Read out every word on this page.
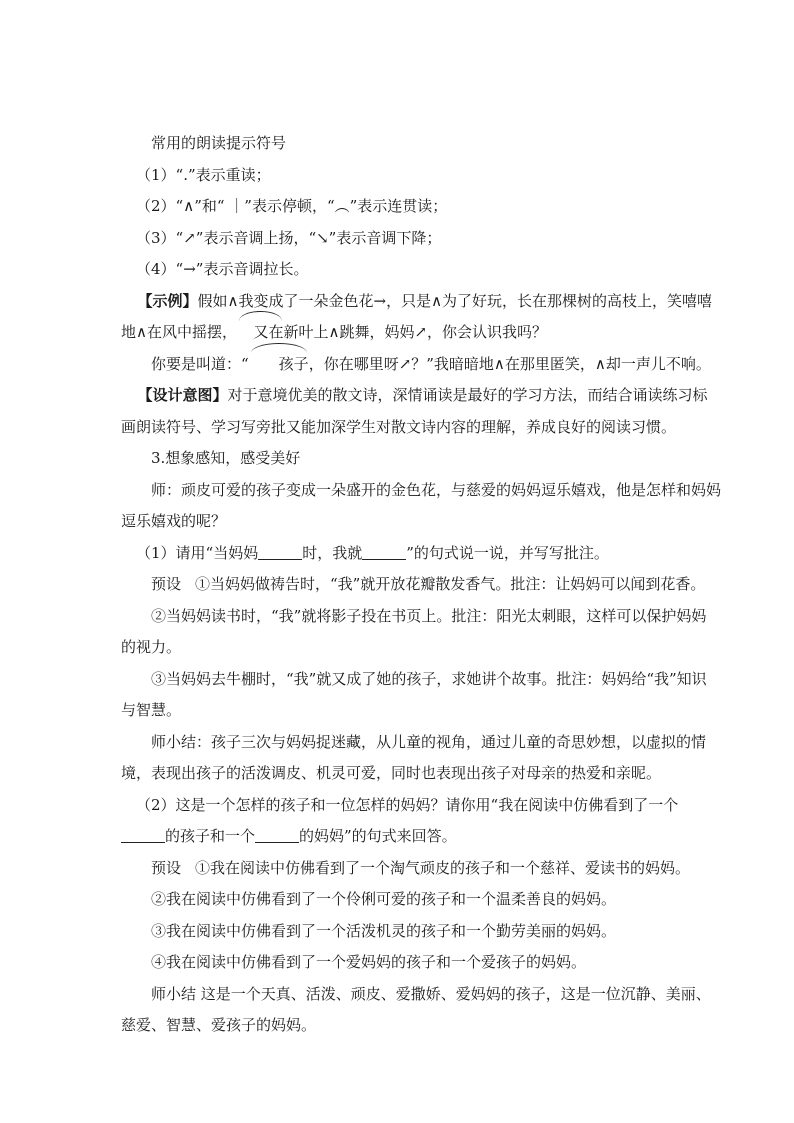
常用的朗读提示符号

（1）“.”表示重读；

（2）“∧”和“ ｜”表示停顿，“︵”表示连贯读；

（3）“↗”表示音调上扬，“↘”表示音调下降；

（4）“→”表示音调拉长。

【示例】假如∧我变成了一朵金色花→，只是∧为了好玩，长在那棵树的高枝上，笑嘻嘻地∧在风中摇摆， 又在新叶上∧跳舞，妈妈↗，你会认识我吗？

你要是叫道：“ 孩子，你在哪里呀↗？”我暗暗地∧在那里匿笑，∧却一声儿不响。

【设计意图】对于意境优美的散文诗，深情诵读是最好的学习方法，而结合诵读练习标画朗读符号、学习写旁批又能加深学生对散文诗内容的理解，养成良好的阅读习惯。

3.想象感知，感受美好

师：顽皮可爱的孩子变成一朵盛开的金色花，与慈爱的妈妈逗乐嬉戏，他是怎样和妈妈逗乐嬉戏的呢？

（1）请用“当妈妈	时，我就	”的句式说一说，并写写批注。

预设 ①当妈妈做祷告时，“我”就开放花瓣散发香气。批注：让妈妈可以闻到花香。

②当妈妈读书时，“我”就将影子投在书页上。批注：阳光太刺眼，这样可以保护妈妈的视力。

③当妈妈去牛棚时，“我”就又成了她的孩子，求她讲个故事。批注：妈妈给“我”知识与智慧。

师小结：孩子三次与妈妈捉迷藏，从儿童的视角，通过儿童的奇思妙想，以虚拟的情境，表现出孩子的活泼调皮、机灵可爱，同时也表现出孩子对母亲的热爱和亲昵。

（2）这是一个怎样的孩子和一位怎样的妈妈？请你用“我在阅读中仿佛看到了一个的孩子和一个	的妈妈”的句式来回答。

预设 ①我在阅读中仿佛看到了一个淘气顽皮的孩子和一个慈祥、爱读书的妈妈。

②我在阅读中仿佛看到了一个伶俐可爱的孩子和一个温柔善良的妈妈。

③我在阅读中仿佛看到了一个活泼机灵的孩子和一个勤劳美丽的妈妈。

④我在阅读中仿佛看到了一个爱妈妈的孩子和一个爱孩子的妈妈。

师小结 这是一个天真、活泼、顽皮、爱撒娇、爱妈妈的孩子，这是一位沉静、美丽、慈爱、智慧、爱孩子的妈妈。
